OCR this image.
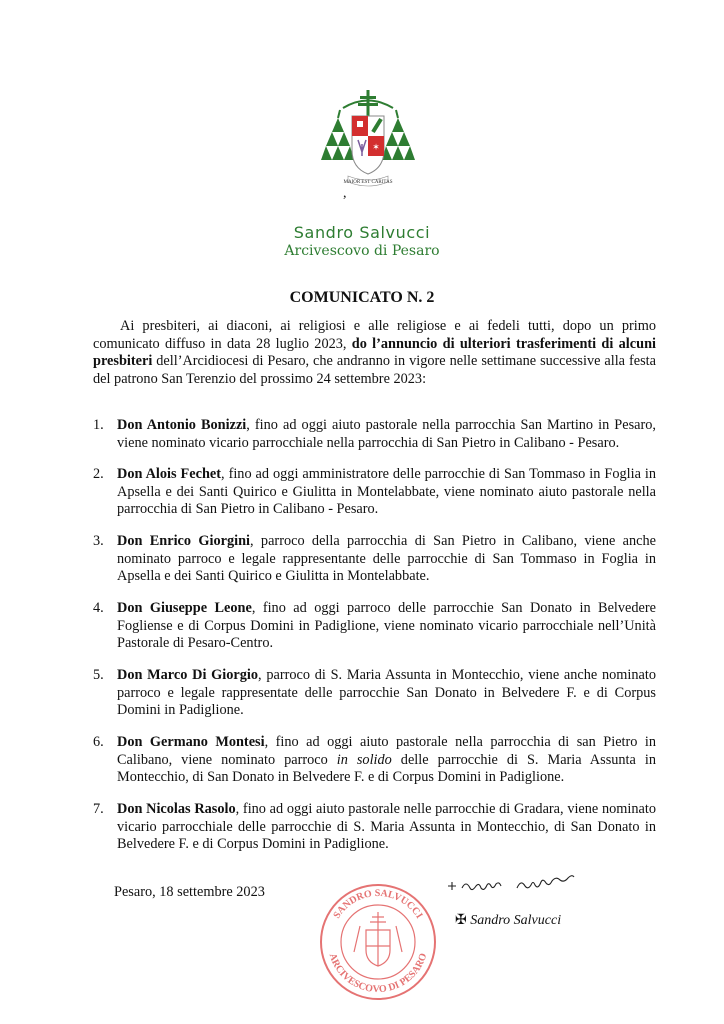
✶
MAIOR EST CARITAS
,
Sandro Salvucci
Arcivescovo di Pesaro
COMUNICATO N. 2

Ai presbiteri, ai diaconi, ai religiosi e alle religiose e ai fedeli tutti, dopo un primo comunicato diffuso in data 28 luglio 2023, do l’annuncio di ulteriori trasferimenti di alcuni presbiteri dell’Arcidiocesi di Pesaro, che andranno in vigore nelle settimane successive alla festa del patrono San Terenzio del prossimo 24 settembre 2023:

1. Don Antonio Bonizzi, fino ad oggi aiuto pastorale nella parrocchia San Martino in Pesaro, viene nominato vicario parrocchiale nella parrocchia di San Pietro in Calibano - Pesaro.
2. Don Alois Fechet, fino ad oggi amministratore delle parrocchie di San Tommaso in Foglia in Apsella e dei Santi Quirico e Giulitta in Montelabbate, viene nominato aiuto pastorale nella parrocchia di San Pietro in Calibano - Pesaro.
3. Don Enrico Giorgini, parroco della parrocchia di San Pietro in Calibano, viene anche nominato parroco e legale rappresentante delle parrocchie di San Tommaso in Foglia in Apsella e dei Santi Quirico e Giulitta in Montelabbate.
4. Don Giuseppe Leone, fino ad oggi parroco delle parrocchie San Donato in Belvedere Fogliense e di Corpus Domini in Padiglione, viene nominato vicario parrocchiale nell’Unità Pastorale di Pesaro-Centro.
5. Don Marco Di Giorgio, parroco di S. Maria Assunta in Montecchio, viene anche nominato parroco e legale rappresentate delle parrocchie San Donato in Belvedere F. e di Corpus Domini in Padiglione.
6. Don Germano Montesi, fino ad oggi aiuto pastorale nella parrocchia di san Pietro in Calibano, viene nominato parroco in solido delle parrocchie di S. Maria Assunta in Montecchio, di San Donato in Belvedere F. e di Corpus Domini in Padiglione.
7. Don Nicolas Rasolo, fino ad oggi aiuto pastorale nelle parrocchie di Gradara, viene nominato vicario parrocchiale delle parrocchie di S. Maria Assunta in Montecchio, di San Donato in Belvedere F. e di Corpus Domini in Padiglione.
Pesaro, 18 settembre 2023
SANDRO SALVUCCI
ARCIVESCOVO DI PESARO
✠ Sandro Salvucci
